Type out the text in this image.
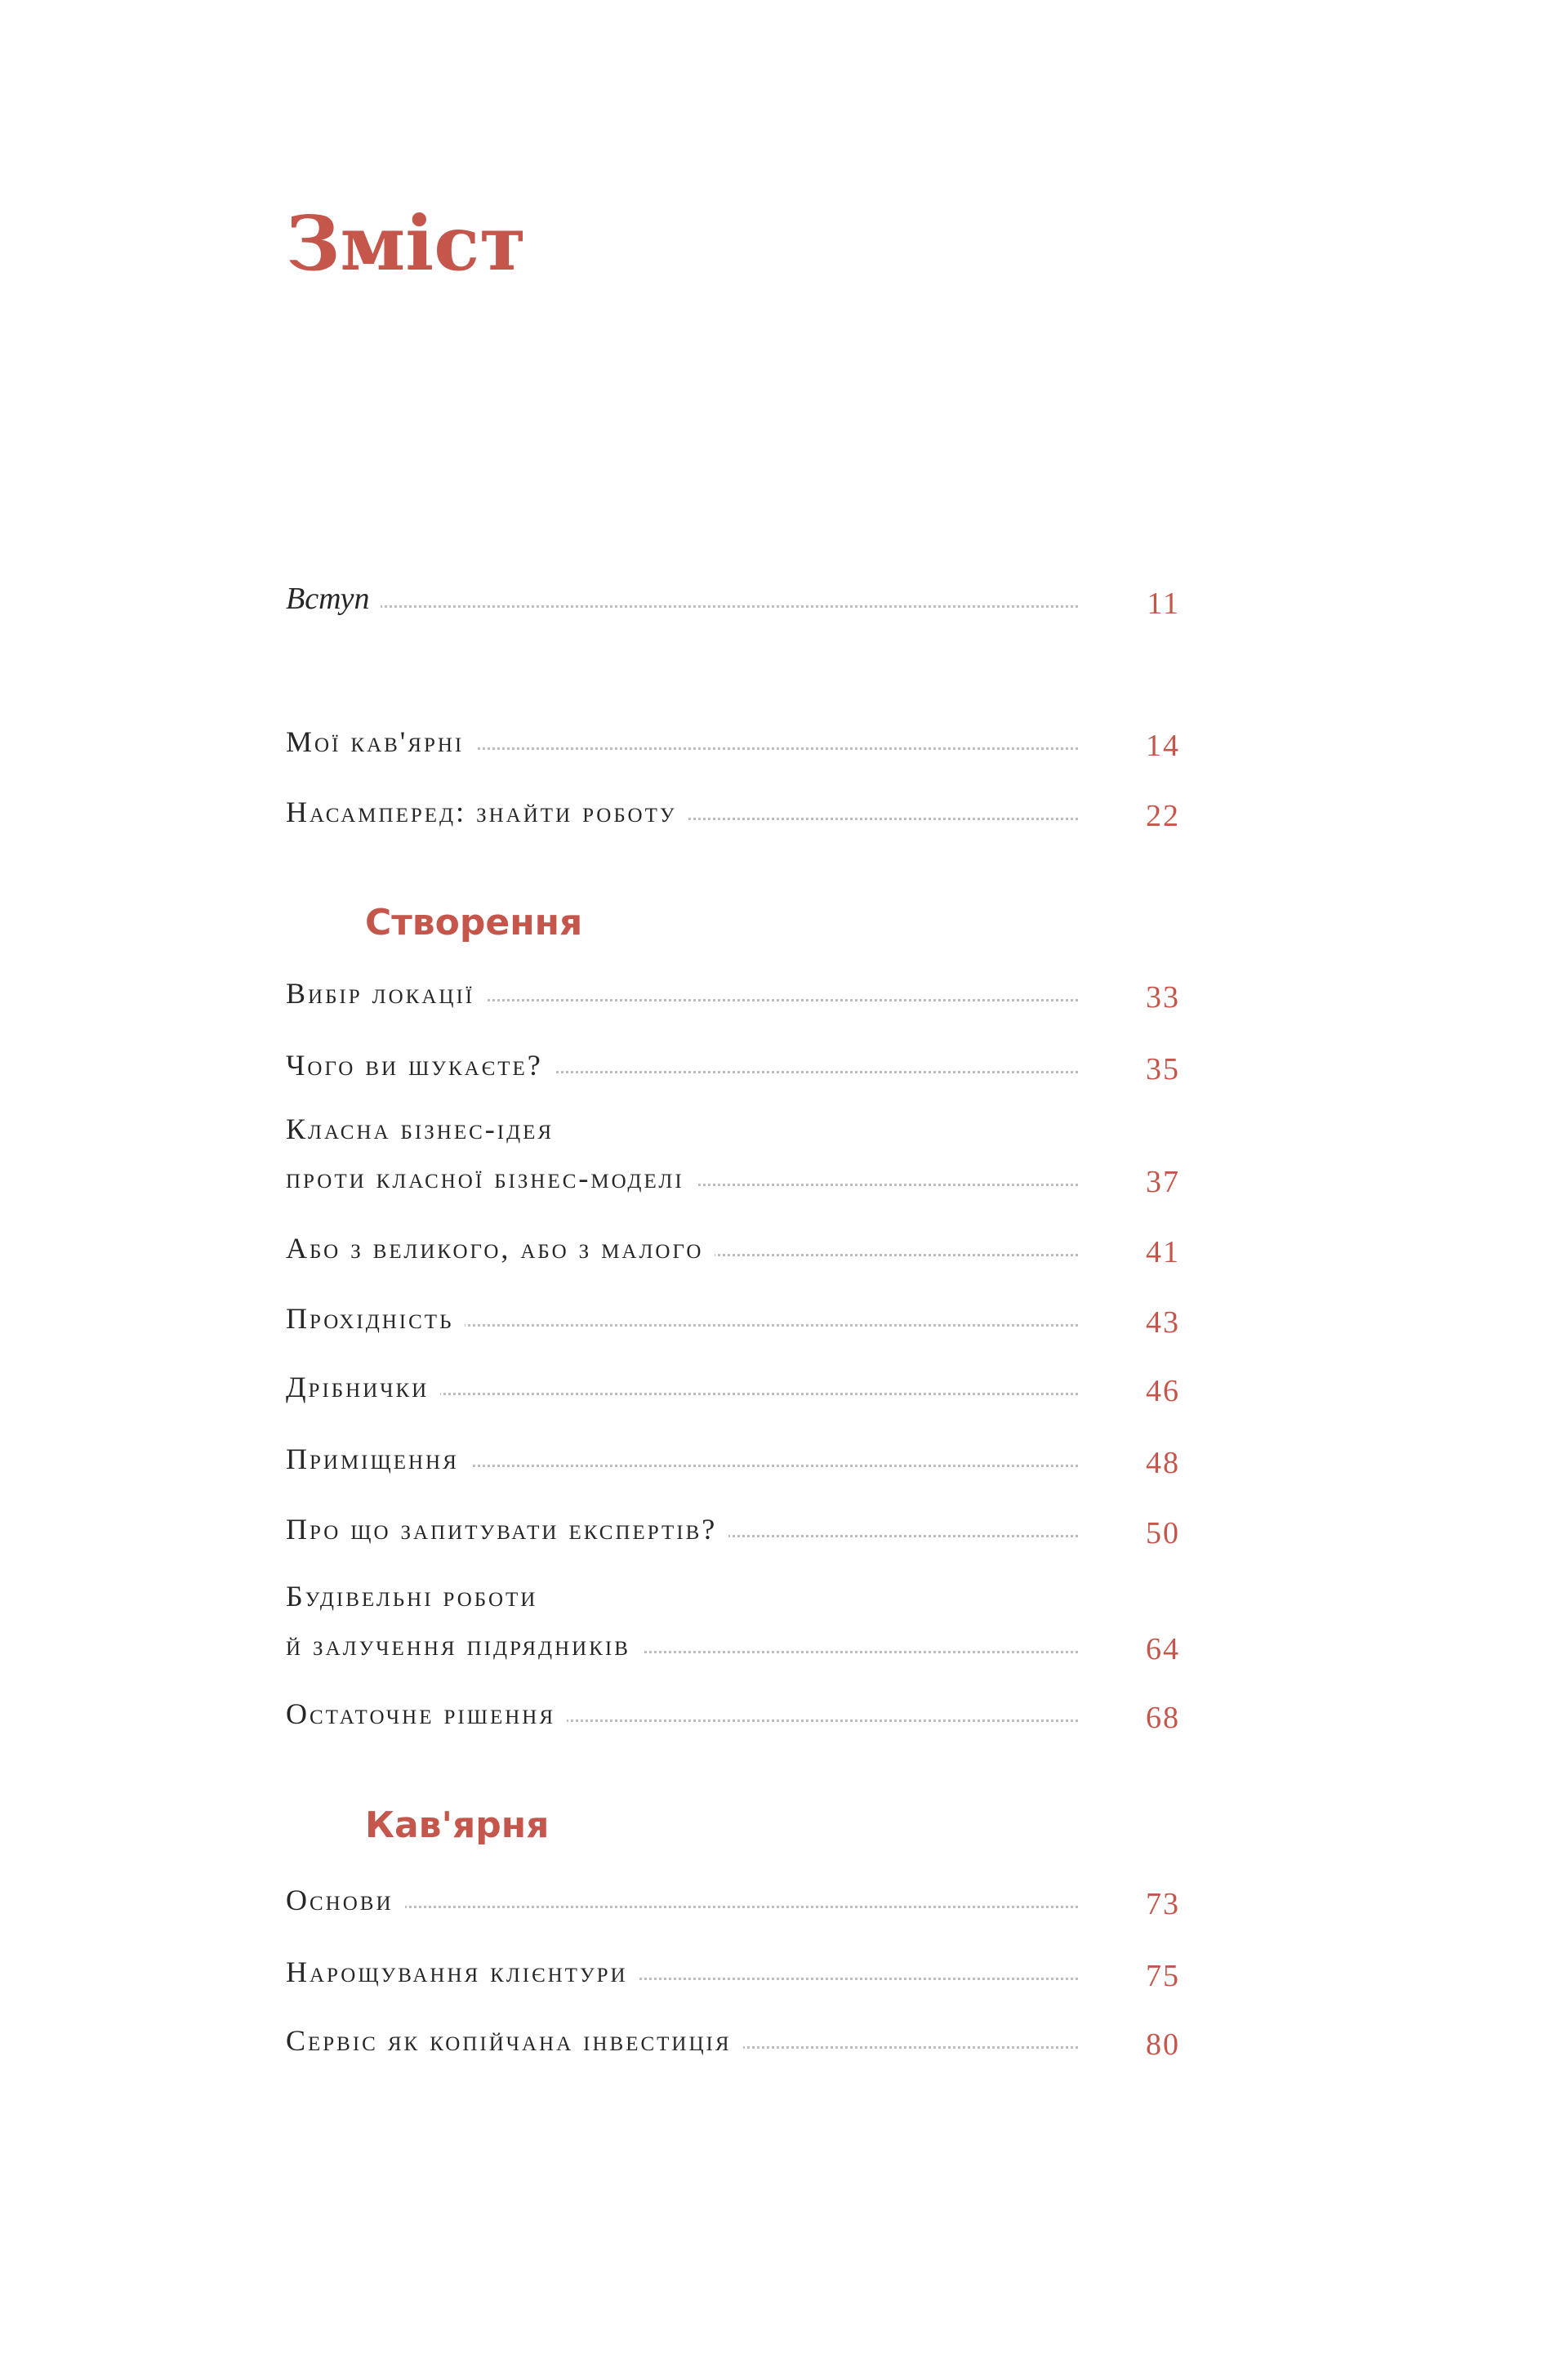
Зміст
Вступ	11
Мої кав'ярні	14
Насамперед: знайти роботу	22
Створення
Вибір локації	33
Чого ви шукаєте?	35
Класна бізнес-ідея
проти класної бізнес-моделі	37
Або з великого, або з малого	41
Прохідність	43
Дрібнички	46
Приміщення	48
Про що запитувати експертів?	50
Будівельні роботи
й залучення підрядників	64
Остаточне рішення	68
Кав'ярня
Основи	73
Нарощування клієнтури	75
Сервіс як копійчана інвестиція	80
